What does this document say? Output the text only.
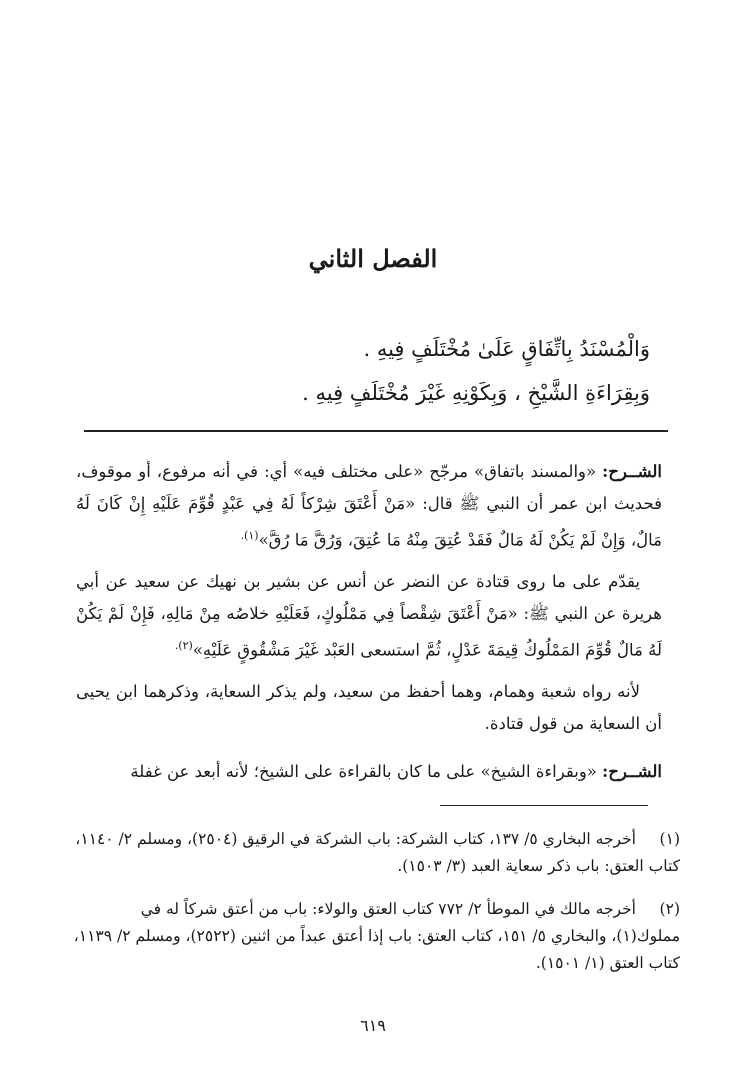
الفصل الثاني
وَالْمُسْنَدُ بِاتِّفَاقٍ عَلَىٰ مُخْتَلَفٍ فِيهِ .
وَبِقِرَاءَةِ الشَّيْخِ ، وَبِكَوْنِهِ غَيْرَ مُخْتَلَفٍ فِيهِ .
الشــرح: «والمسند باتفاق» مرجّح «على مختلف فيه» أي: في أنه مرفوع، أو موقوف، فحديث ابن عمر أن النبي ﷺ قال: «مَنْ أَعْتَقَ شِرْكاً لَهُ فِي عَبْدٍ قُوِّمَ عَلَيْهِ إِنْ كَانَ لَهُ مَالٌ، وَإِنْ لَمْ يَكُنْ لَهُ مَالٌ فَقَدْ عُتِقَ مِنْهُ مَا عُتِقَ، وَرُقَّ مَا رُقَّ»$^{(١).}$
يقدّم على ما روى قتادة عن النضر عن أنس عن بشير بن نهيك عن سعيد عن أبي هريرة عن النبي ﷺ: «مَنْ أَعْتَقَ شِقْصاً فِي مَمْلُوكٍ، فَعَلَيْهِ خلاصُه مِنْ مَالِهِ، فَإِنْ لَمْ يَكُنْ لَهُ مَالٌ قُوِّمَ المَمْلُوكُ قِيمَةَ عَدْلٍ، ثُمَّ استسعى العَبْد غَيْرَ مَشْقُوقٍ عَلَيْهِ»$^{(٢).}$
لأنه رواه شعبة وهمام، وهما أحفظ من سعيد، ولم يذكر السعاية، وذكرهما ابن يحيى أن السعاية من قول قتادة.
الشــرح: «وبقراءة الشيخ» على ما كان بالقراءة على الشيخ؛ لأنه أبعد عن غفلة
(١)أخرجه البخاري ٥/ ١٣٧، كتاب الشركة: باب الشركة في الرقيق (٢٥٠٤)، ومسلم ٢/ ١١٤٠، كتاب العتق: باب ذكر سعاية العبد (٣/ ١٥٠٣).
(٢)أخرجه مالك في الموطأ ٢/ ٧٧٢ كتاب العتق والولاء: باب من أعتق شركاً له في مملوك(١)، والبخاري ٥/ ١٥١، كتاب العتق: باب إذا أعتق عبداً من اثنين (٢٥٢٢)، ومسلم ٢/ ١١٣٩، كتاب العتق (١/ ١٥٠١).
٦١٩
